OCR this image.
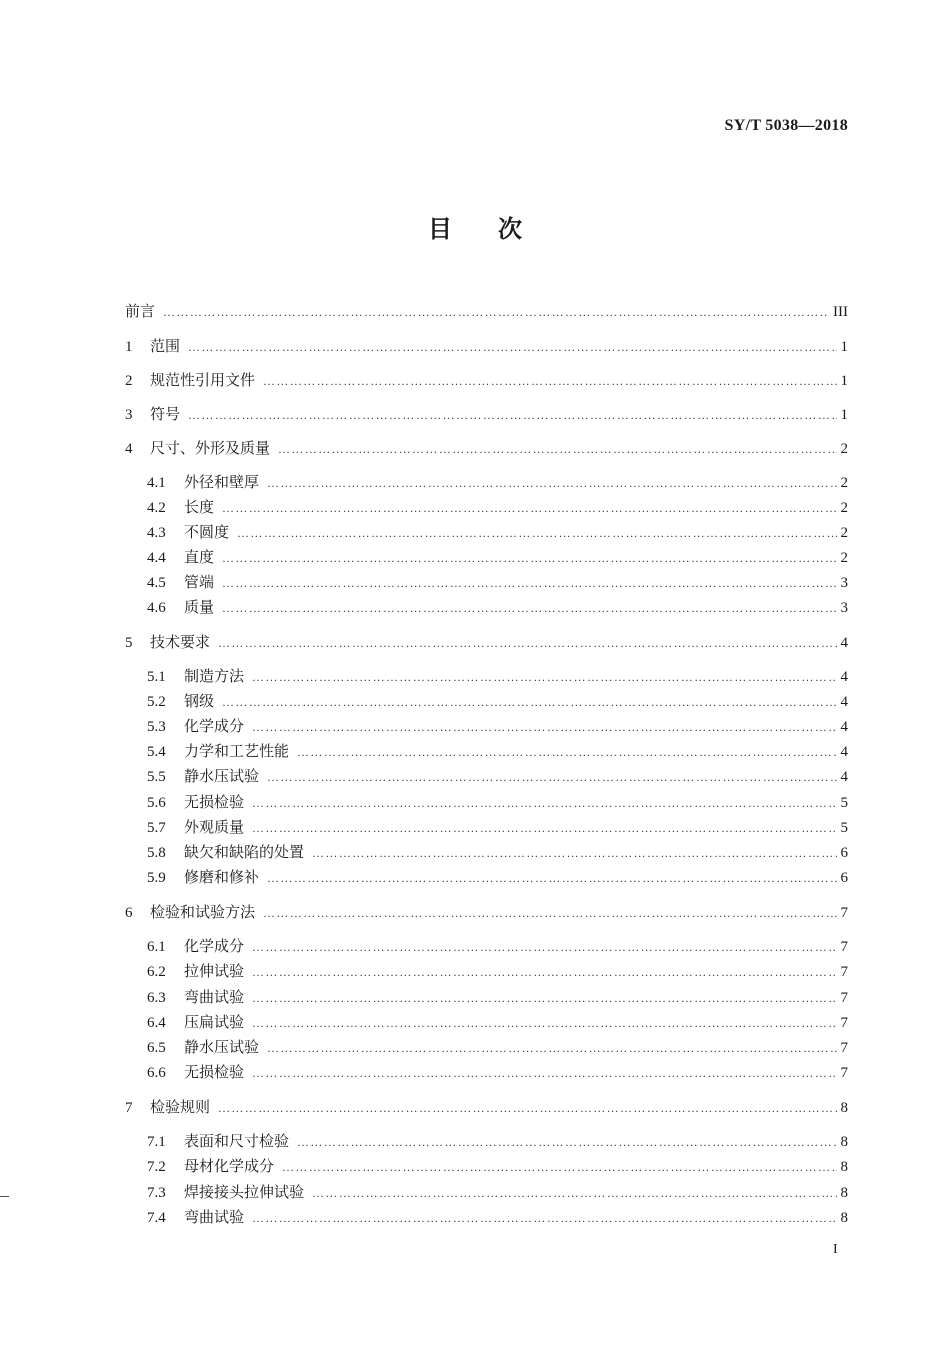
SY/T 5038—2018
目次
前言 ………………………………………………………………………………………………………………………………………………………………………………………………………………………………………………………………	III
1	范围 ………………………………………………………………………………………………………………………………………………………………………………………………………………………………………………………………	1
2	规范性引用文件 ………………………………………………………………………………………………………………………………………………………………………………………………………………………………………………………………	1
3	符号 ………………………………………………………………………………………………………………………………………………………………………………………………………………………………………………………………	1
4	尺寸、外形及质量 ………………………………………………………………………………………………………………………………………………………………………………………………………………………………………………………………	2
4.1	外径和壁厚 ………………………………………………………………………………………………………………………………………………………………………………………………………………………………………………………………	2
4.2	长度 ………………………………………………………………………………………………………………………………………………………………………………………………………………………………………………………………	2
4.3	不圆度 ………………………………………………………………………………………………………………………………………………………………………………………………………………………………………………………………	2
4.4	直度 ………………………………………………………………………………………………………………………………………………………………………………………………………………………………………………………………	2
4.5	管端 ………………………………………………………………………………………………………………………………………………………………………………………………………………………………………………………………	3
4.6	质量 ………………………………………………………………………………………………………………………………………………………………………………………………………………………………………………………………	3
5	技术要求 ………………………………………………………………………………………………………………………………………………………………………………………………………………………………………………………………	4
5.1	制造方法 ………………………………………………………………………………………………………………………………………………………………………………………………………………………………………………………………	4
5.2	钢级 ………………………………………………………………………………………………………………………………………………………………………………………………………………………………………………………………	4
5.3	化学成分 ………………………………………………………………………………………………………………………………………………………………………………………………………………………………………………………………	4
5.4	力学和工艺性能 ………………………………………………………………………………………………………………………………………………………………………………………………………………………………………………………………	4
5.5	静水压试验 ………………………………………………………………………………………………………………………………………………………………………………………………………………………………………………………………	4
5.6	无损检验 ………………………………………………………………………………………………………………………………………………………………………………………………………………………………………………………………	5
5.7	外观质量 ………………………………………………………………………………………………………………………………………………………………………………………………………………………………………………………………	5
5.8	缺欠和缺陷的处置 ………………………………………………………………………………………………………………………………………………………………………………………………………………………………………………………………	6
5.9	修磨和修补 ………………………………………………………………………………………………………………………………………………………………………………………………………………………………………………………………	6
6	检验和试验方法 ………………………………………………………………………………………………………………………………………………………………………………………………………………………………………………………………	7
6.1	化学成分 ………………………………………………………………………………………………………………………………………………………………………………………………………………………………………………………………	7
6.2	拉伸试验 ………………………………………………………………………………………………………………………………………………………………………………………………………………………………………………………………	7
6.3	弯曲试验 ………………………………………………………………………………………………………………………………………………………………………………………………………………………………………………………………	7
6.4	压扁试验 ………………………………………………………………………………………………………………………………………………………………………………………………………………………………………………………………	7
6.5	静水压试验 ………………………………………………………………………………………………………………………………………………………………………………………………………………………………………………………………	7
6.6	无损检验 ………………………………………………………………………………………………………………………………………………………………………………………………………………………………………………………………	7
7	检验规则 ………………………………………………………………………………………………………………………………………………………………………………………………………………………………………………………………	8
7.1	表面和尺寸检验 ………………………………………………………………………………………………………………………………………………………………………………………………………………………………………………………………	8
7.2	母材化学成分 ………………………………………………………………………………………………………………………………………………………………………………………………………………………………………………………………	8
7.3	焊接接头拉伸试验 ………………………………………………………………………………………………………………………………………………………………………………………………………………………………………………………………	8
7.4	弯曲试验 ………………………………………………………………………………………………………………………………………………………………………………………………………………………………………………………………	8
I
